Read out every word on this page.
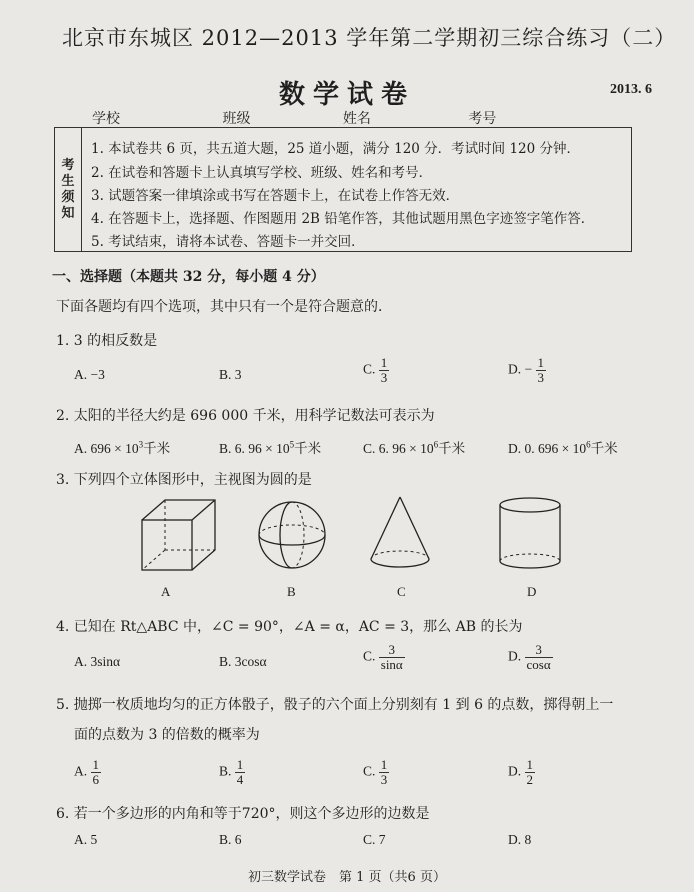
北京市东城区 2012—2013 学年第二学期初三综合练习（二）
数学试卷	2013. 6
学校	班级	姓名	考号
考
生
须
知
1. 本试卷共 6 页，共五道大题，25 道小题，满分 120 分．考试时间 120 分钟．
2. 在试卷和答题卡上认真填写学校、班级、姓名和考号．
3. 试题答案一律填涂或书写在答题卡上，在试卷上作答无效．
4. 在答题卡上，选择题、作图题用 2B 铅笔作答，其他试题用黑色字迹签字笔作答．
5. 考试结束，请将本试卷、答题卡一并交回．
一、选择题（本题共 32 分，每小题 4 分）
下面各题均有四个选项，其中只有一个是符合题意的．
1. 3 的相反数是
A. −3	B. 3	C. $\frac{1}{3}$	D. − $\frac{1}{3}$
2. 太阳的半径大约是 696 000 千米，用科学记数法可表示为
A. $696 \times 10^3$千米	B. 6. $96 \times 10^5$千米	C. 6. $96 \times 10^6$千米	D. 0. $696 \times 10^6$千米
3. 下列四个立体图形中，主视图为圆的是
A	B	C	D
4. 已知在 Rt△ABC 中，∠C = 90°，∠A = α，AC = 3，那么 AB 的长为
A. 3sinα	B. 3cosα	C. $\frac{3}{\sin\alpha}$	D. $\frac{3}{\cos\alpha}$
5. 抛掷一枚质地均匀的正方体骰子，骰子的六个面上分别刻有 1 到 6 的点数，掷得朝上一
面的点数为 3 的倍数的概率为
A. $\frac{1}{6}$	B. $\frac{1}{4}$	C. $\frac{1}{3}$	D. $\frac{1}{2}$
6. 若一个多边形的内角和等于720°，则这个多边形的边数是
A. 5	B. 6	C. 7	D. 8
初三数学试卷　第 1 页（共6 页）
